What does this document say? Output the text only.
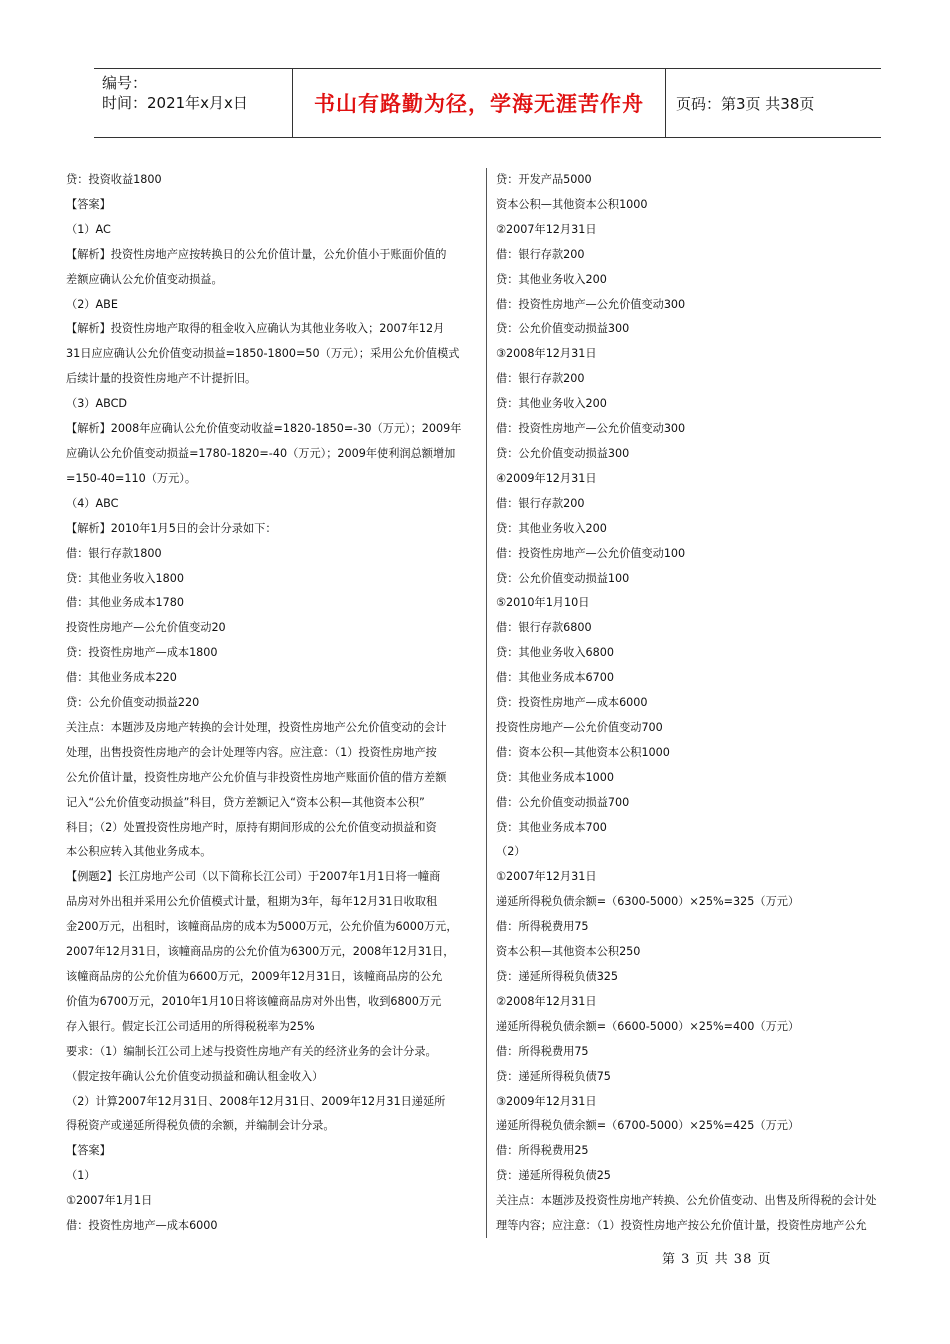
编号：
时间：2021年x月x日	书山有路勤为径，学海无涯苦作舟	页码：第3页 共38页
贷：投资收益1800
【答案】
（1）AC
【解析】投资性房地产应按转换日的公允价值计量，公允价值小于账面价值的
差额应确认公允价值变动损益。
（2）ABE
【解析】投资性房地产取得的租金收入应确认为其他业务收入；2007年12月
31日应应确认公允价值变动损益=1850-1800=50（万元）；采用公允价值模式
后续计量的投资性房地产不计提折旧。
（3）ABCD
【解析】2008年应确认公允价值变动收益=1820-1850=-30（万元）；2009年
应确认公允价值变动损益=1780-1820=-40（万元）；2009年使利润总额增加
=150-40=110（万元）。
（4）ABC
【解析】2010年1月5日的会计分录如下：
借：银行存款1800
贷：其他业务收入1800
借：其他业务成本1780
投资性房地产—公允价值变动20
贷：投资性房地产—成本1800
借：其他业务成本220
贷：公允价值变动损益220
关注点：本题涉及房地产转换的会计处理，投资性房地产公允价值变动的会计
处理，出售投资性房地产的会计处理等内容。应注意：（1）投资性房地产按
公允价值计量，投资性房地产公允价值与非投资性房地产账面价值的借方差额
记入“公允价值变动损益”科目，贷方差额记入“资本公积—其他资本公积”
科目；（2）处置投资性房地产时，原持有期间形成的公允价值变动损益和资
本公积应转入其他业务成本。
【例题2】长江房地产公司（以下简称长江公司）于2007年1月1日将一幢商
品房对外出租并采用公允价值模式计量，租期为3年，每年12月31日收取租
金200万元，出租时，该幢商品房的成本为5000万元，公允价值为6000万元，
2007年12月31日，该幢商品房的公允价值为6300万元，2008年12月31日，
该幢商品房的公允价值为6600万元，2009年12月31日，该幢商品房的公允
价值为6700万元，2010年1月10日将该幢商品房对外出售，收到6800万元
存入银行。假定长江公司适用的所得税税率为25%
要求：（1）编制长江公司上述与投资性房地产有关的经济业务的会计分录。
（假定按年确认公允价值变动损益和确认租金收入）
（2）计算2007年12月31日、2008年12月31日、2009年12月31日递延所
得税资产或递延所得税负债的余额，并编制会计分录。
【答案】
（1）
①2007年1月1日
借：投资性房地产—成本6000
贷：开发产品5000
资本公积—其他资本公积1000
②2007年12月31日
借：银行存款200
贷：其他业务收入200
借：投资性房地产—公允价值变动300
贷：公允价值变动损益300
③2008年12月31日
借：银行存款200
贷：其他业务收入200
借：投资性房地产—公允价值变动300
贷：公允价值变动损益300
④2009年12月31日
借：银行存款200
贷：其他业务收入200
借：投资性房地产—公允价值变动100
贷：公允价值变动损益100
⑤2010年1月10日
借：银行存款6800
贷：其他业务收入6800
借：其他业务成本6700
贷：投资性房地产—成本6000
投资性房地产—公允价值变动700
借：资本公积—其他资本公积1000
贷：其他业务成本1000
借：公允价值变动损益700
贷：其他业务成本700
（2）
①2007年12月31日
递延所得税负债余额=（6300-5000）×25%=325（万元）
借：所得税费用75
资本公积—其他资本公积250
贷：递延所得税负债325
②2008年12月31日
递延所得税负债余额=（6600-5000）×25%=400（万元）
借：所得税费用75
贷：递延所得税负债75
③2009年12月31日
递延所得税负债余额=（6700-5000）×25%=425（万元）
借：所得税费用25
贷：递延所得税负债25
关注点：本题涉及投资性房地产转换、公允价值变动、出售及所得税的会计处
理等内容；应注意：（1）投资性房地产按公允价值计量，投资性房地产公允
第 3 页 共 38 页
